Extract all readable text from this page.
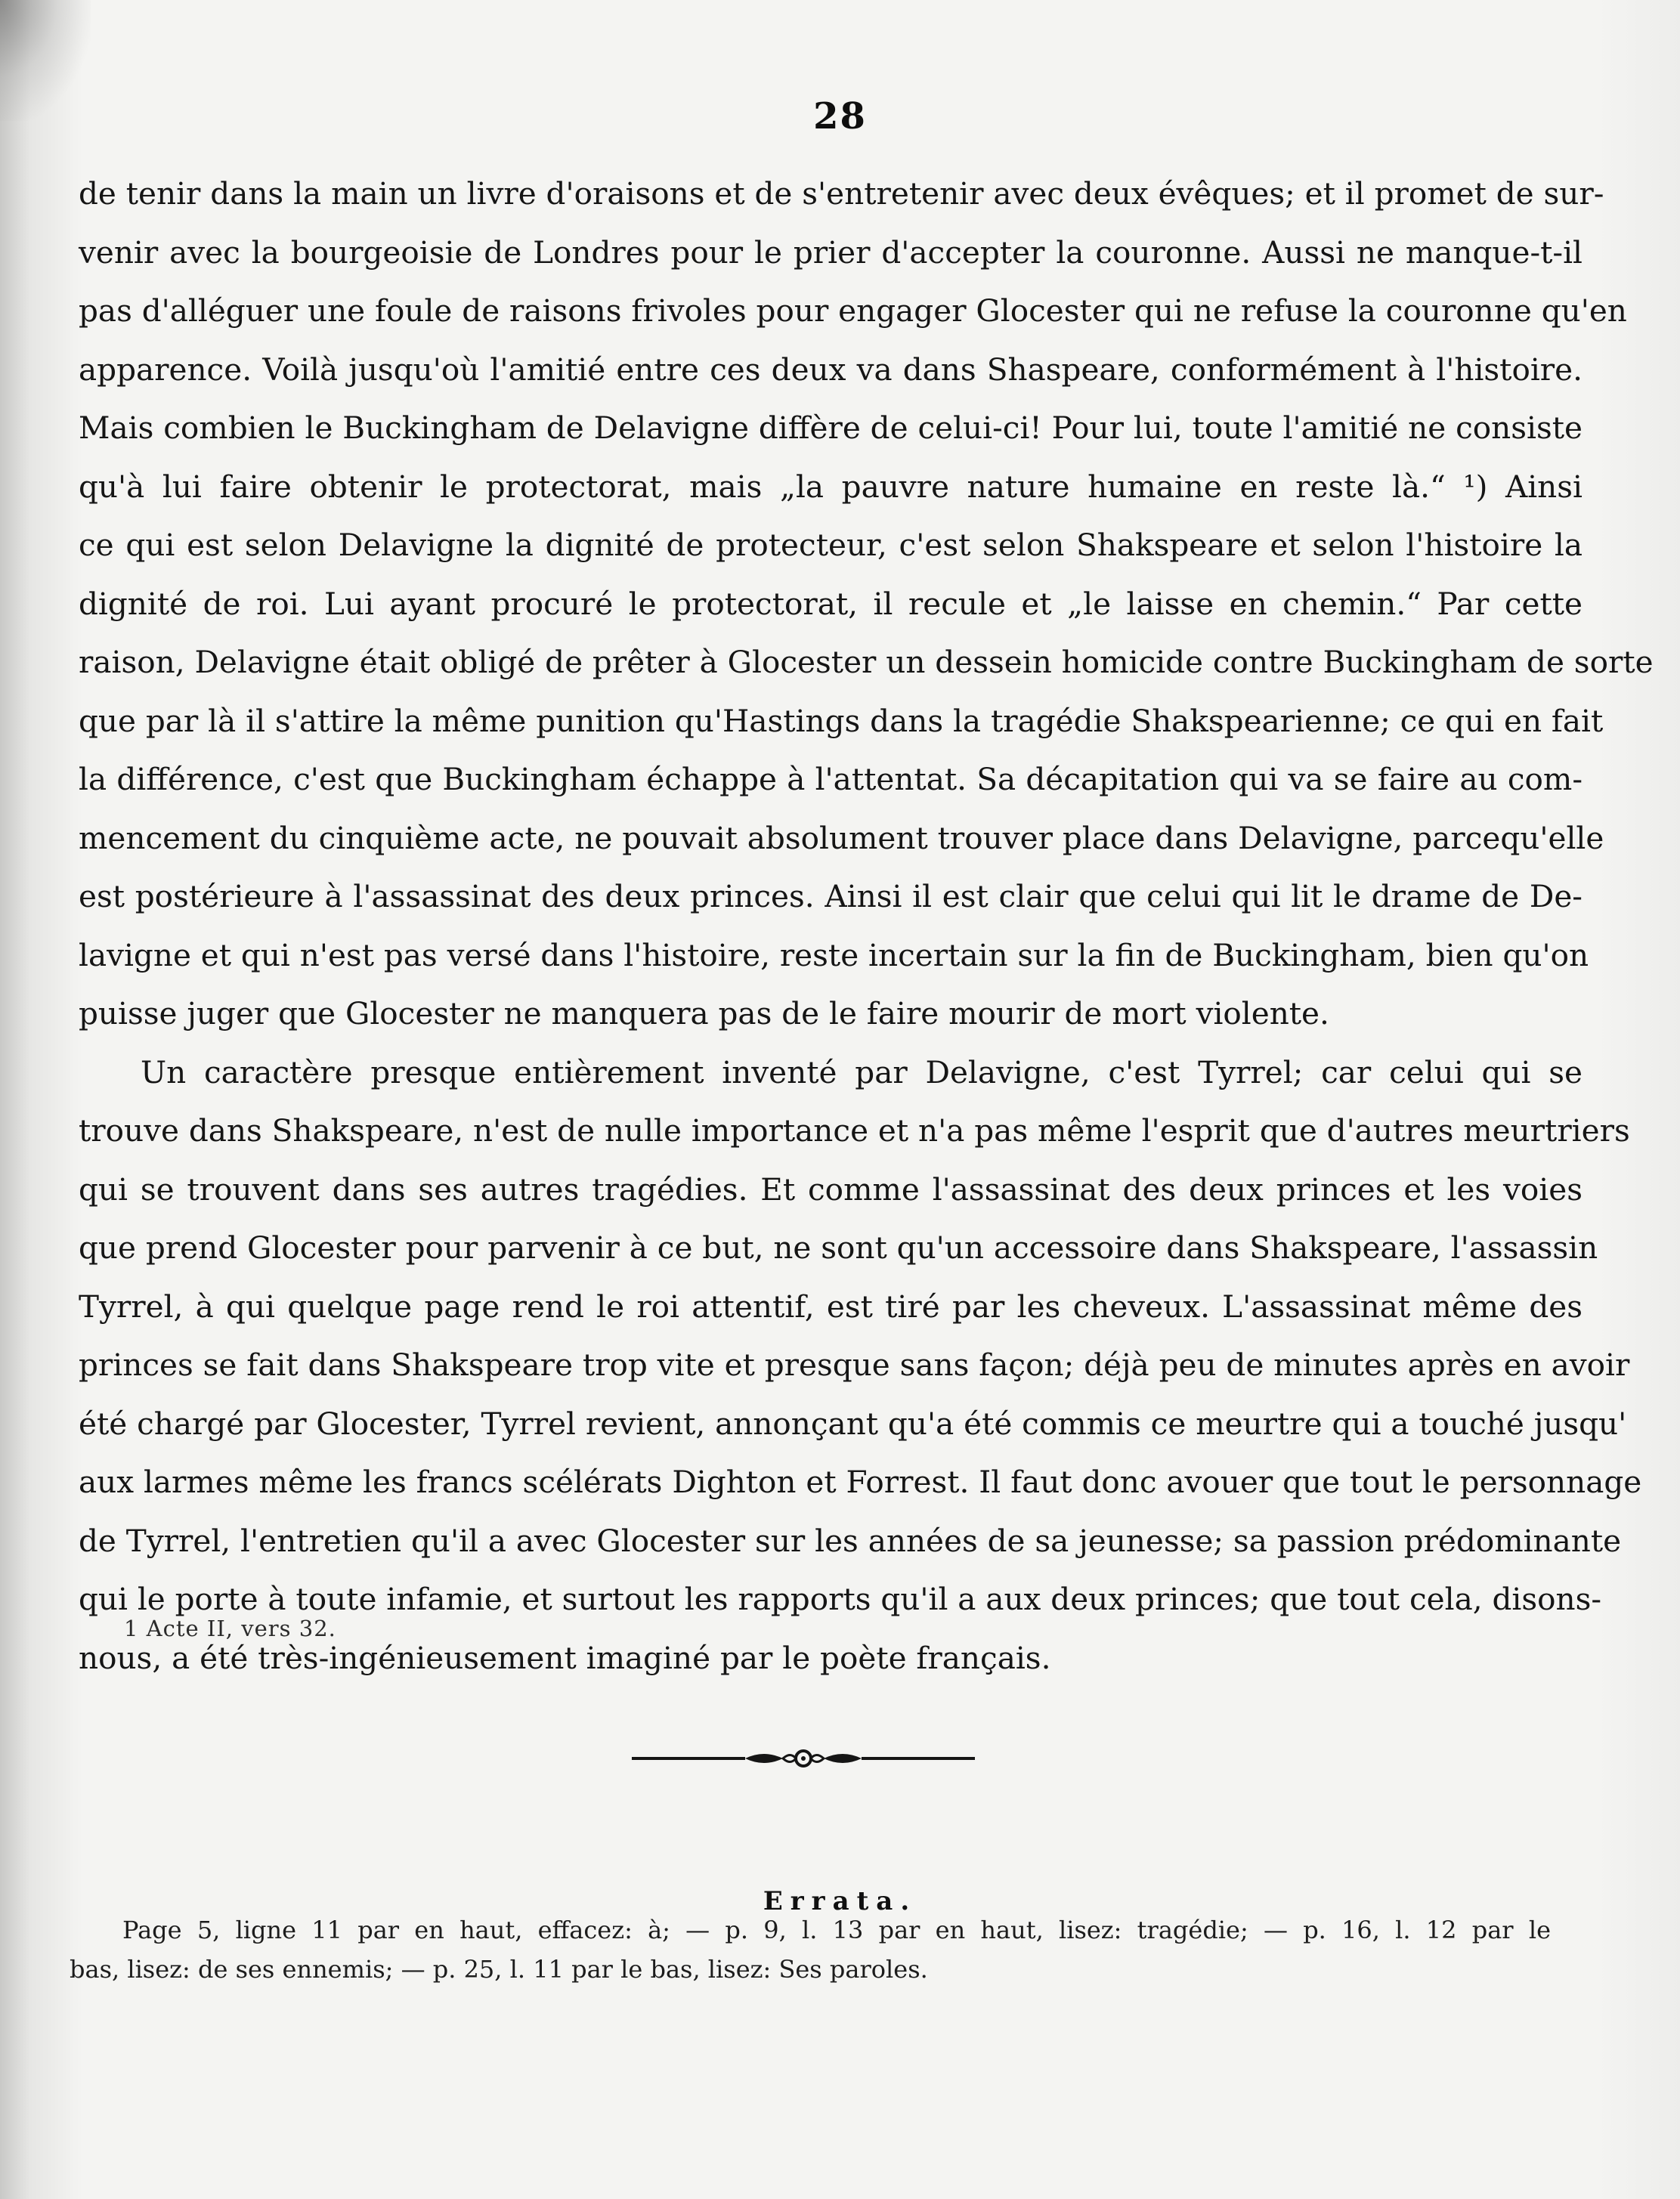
28
de tenir dans la main un livre d'oraisons et de s'entretenir avec deux évêques; et il promet de sur-
venir avec la bourgeoisie de Londres pour le prier d'accepter la couronne. Aussi ne manque-t-il
pas d'alléguer une foule de raisons frivoles pour engager Glocester qui ne refuse la couronne qu'en
apparence. Voilà jusqu'où l'amitié entre ces deux va dans Shaspeare, conformément à l'histoire.
Mais combien le Buckingham de Delavigne diffère de celui-ci! Pour lui, toute l'amitié ne consiste
qu'à lui faire obtenir le protectorat, mais „la pauvre nature humaine en reste là.“ ¹) Ainsi
ce qui est selon Delavigne la dignité de protecteur, c'est selon Shakspeare et selon l'histoire la
dignité de roi. Lui ayant procuré le protectorat, il recule et „le laisse en chemin.“ Par cette
raison, Delavigne était obligé de prêter à Glocester un dessein homicide contre Buckingham de sorte
que par là il s'attire la même punition qu'Hastings dans la tragédie Shakspearienne; ce qui en fait
la différence, c'est que Buckingham échappe à l'attentat. Sa décapitation qui va se faire au com-
mencement du cinquième acte, ne pouvait absolument trouver place dans Delavigne, parcequ'elle
est postérieure à l'assassinat des deux princes. Ainsi il est clair que celui qui lit le drame de De-
lavigne et qui n'est pas versé dans l'histoire, reste incertain sur la fin de Buckingham, bien qu'on
puisse juger que Glocester ne manquera pas de le faire mourir de mort violente.
Un caractère presque entièrement inventé par Delavigne, c'est Tyrrel; car celui qui se
trouve dans Shakspeare, n'est de nulle importance et n'a pas même l'esprit que d'autres meurtriers
qui se trouvent dans ses autres tragédies. Et comme l'assassinat des deux princes et les voies
que prend Glocester pour parvenir à ce but, ne sont qu'un accessoire dans Shakspeare, l'assassin
Tyrrel, à qui quelque page rend le roi attentif, est tiré par les cheveux. L'assassinat même des
princes se fait dans Shakspeare trop vite et presque sans façon; déjà peu de minutes après en avoir
été chargé par Glocester, Tyrrel revient, annonçant qu'a été commis ce meurtre qui a touché jusqu'
aux larmes même les francs scélérats Dighton et Forrest. Il faut donc avouer que tout le personnage
de Tyrrel, l'entretien qu'il a avec Glocester sur les années de sa jeunesse; sa passion prédominante
qui le porte à toute infamie, et surtout les rapports qu'il a aux deux princes; que tout cela, disons-
nous, a été très-ingénieusement imaginé par le poète français.
1 Acte II, vers 32.
Errata.
Page 5, ligne 11 par en haut, effacez: à; — p. 9, l. 13 par en haut, lisez: tragédie; — p. 16, l. 12 par le
bas, lisez: de ses ennemis; — p. 25, l. 11 par le bas, lisez: Ses paroles.
